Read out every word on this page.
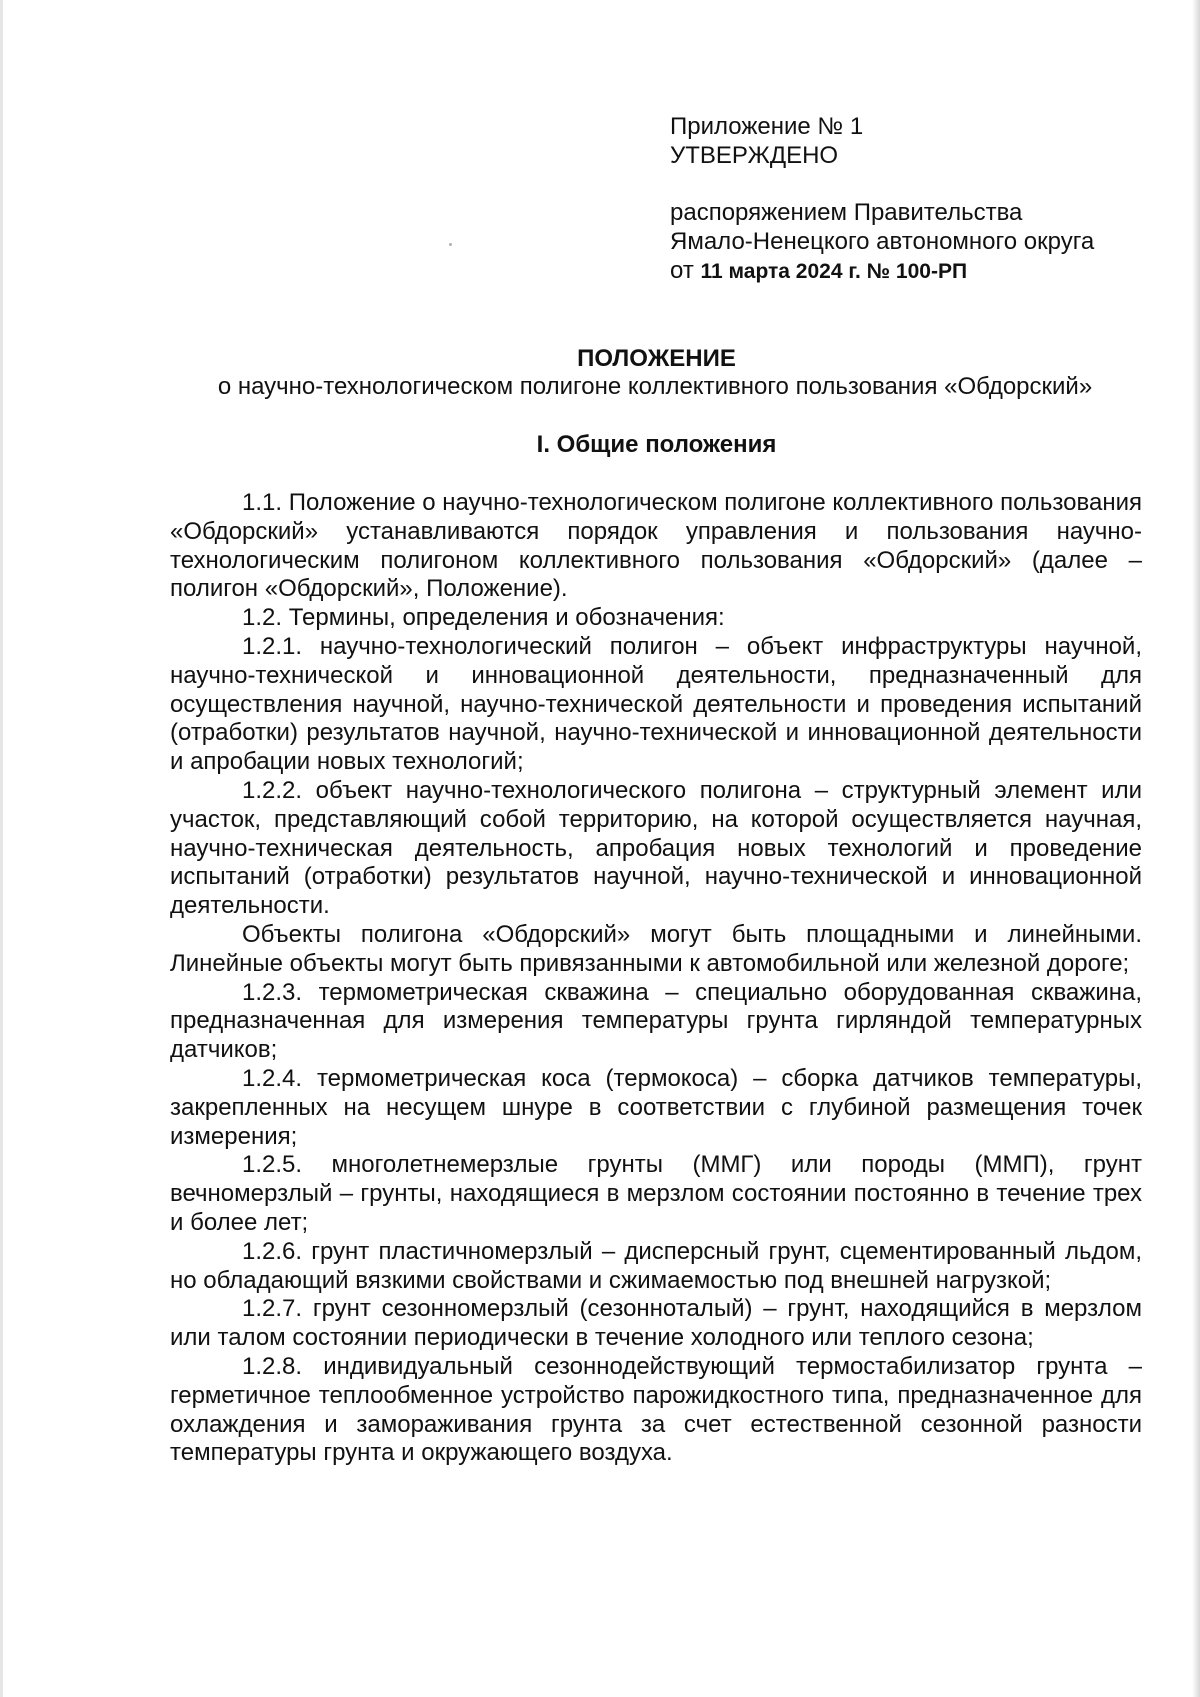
Приложение № 1
УТВЕРЖДЕНО
распоряжением Правительства
Ямало-Ненецкого автономного округа
от 11 марта 2024 г. № 100-РП
ПОЛОЖЕНИЕ
о научно-технологическом полигоне коллективного пользования «Обдорский»
I. Общие положения

1.1. Положение о научно-технологическом полигоне коллективного пользования «Обдорский» устанавливаются порядок управления и пользования научно-технологическим полигоном коллективного пользования «Обдорский» (далее – полигон «Обдорский», Положение).

1.2. Термины, определения и обозначения:

1.2.1. научно-технологический полигон – объект инфраструктуры научной, научно-технической и инновационной деятельности, предназначенный для осуществления научной, научно-технической деятельности и проведения испытаний (отработки) результатов научной, научно-технической и инновационной деятельности и апробации новых технологий;

1.2.2. объект научно-технологического полигона – структурный элемент или участок, представляющий собой территорию, на которой осуществляется научная, научно-техническая деятельность, апробация новых технологий и проведение испытаний (отработки) результатов научной, научно-технической и инновационной деятельности.

Объекты полигона «Обдорский» могут быть площадными и линейными. Линейные объекты могут быть привязанными к автомобильной или железной дороге;

1.2.3. термометрическая скважина – специально оборудованная скважина, предназначенная для измерения температуры грунта гирляндой температурных датчиков;

1.2.4. термометрическая коса (термокоса) – сборка датчиков температуры, закрепленных на несущем шнуре в соответствии с глубиной размещения точек измерения;

1.2.5. многолетнемерзлые грунты (ММГ) или породы (ММП), грунт вечномерзлый – грунты, находящиеся в мерзлом состоянии постоянно в течение трех и более лет;

1.2.6. грунт пластичномерзлый – дисперсный грунт, сцементированный льдом, но обладающий вязкими свойствами и сжимаемостью под внешней нагрузкой;

1.2.7. грунт сезонномерзлый (сезонноталый) – грунт, находящийся в мерзлом или талом состоянии периодически в течение холодного или теплого сезона;

1.2.8. индивидуальный сезоннодействующий термостабилизатор грунта – герметичное теплообменное устройство парожидкостного типа, предназначенное для охлаждения и замораживания грунта за счет естественной сезонной разности температуры грунта и окружающего воздуха.
